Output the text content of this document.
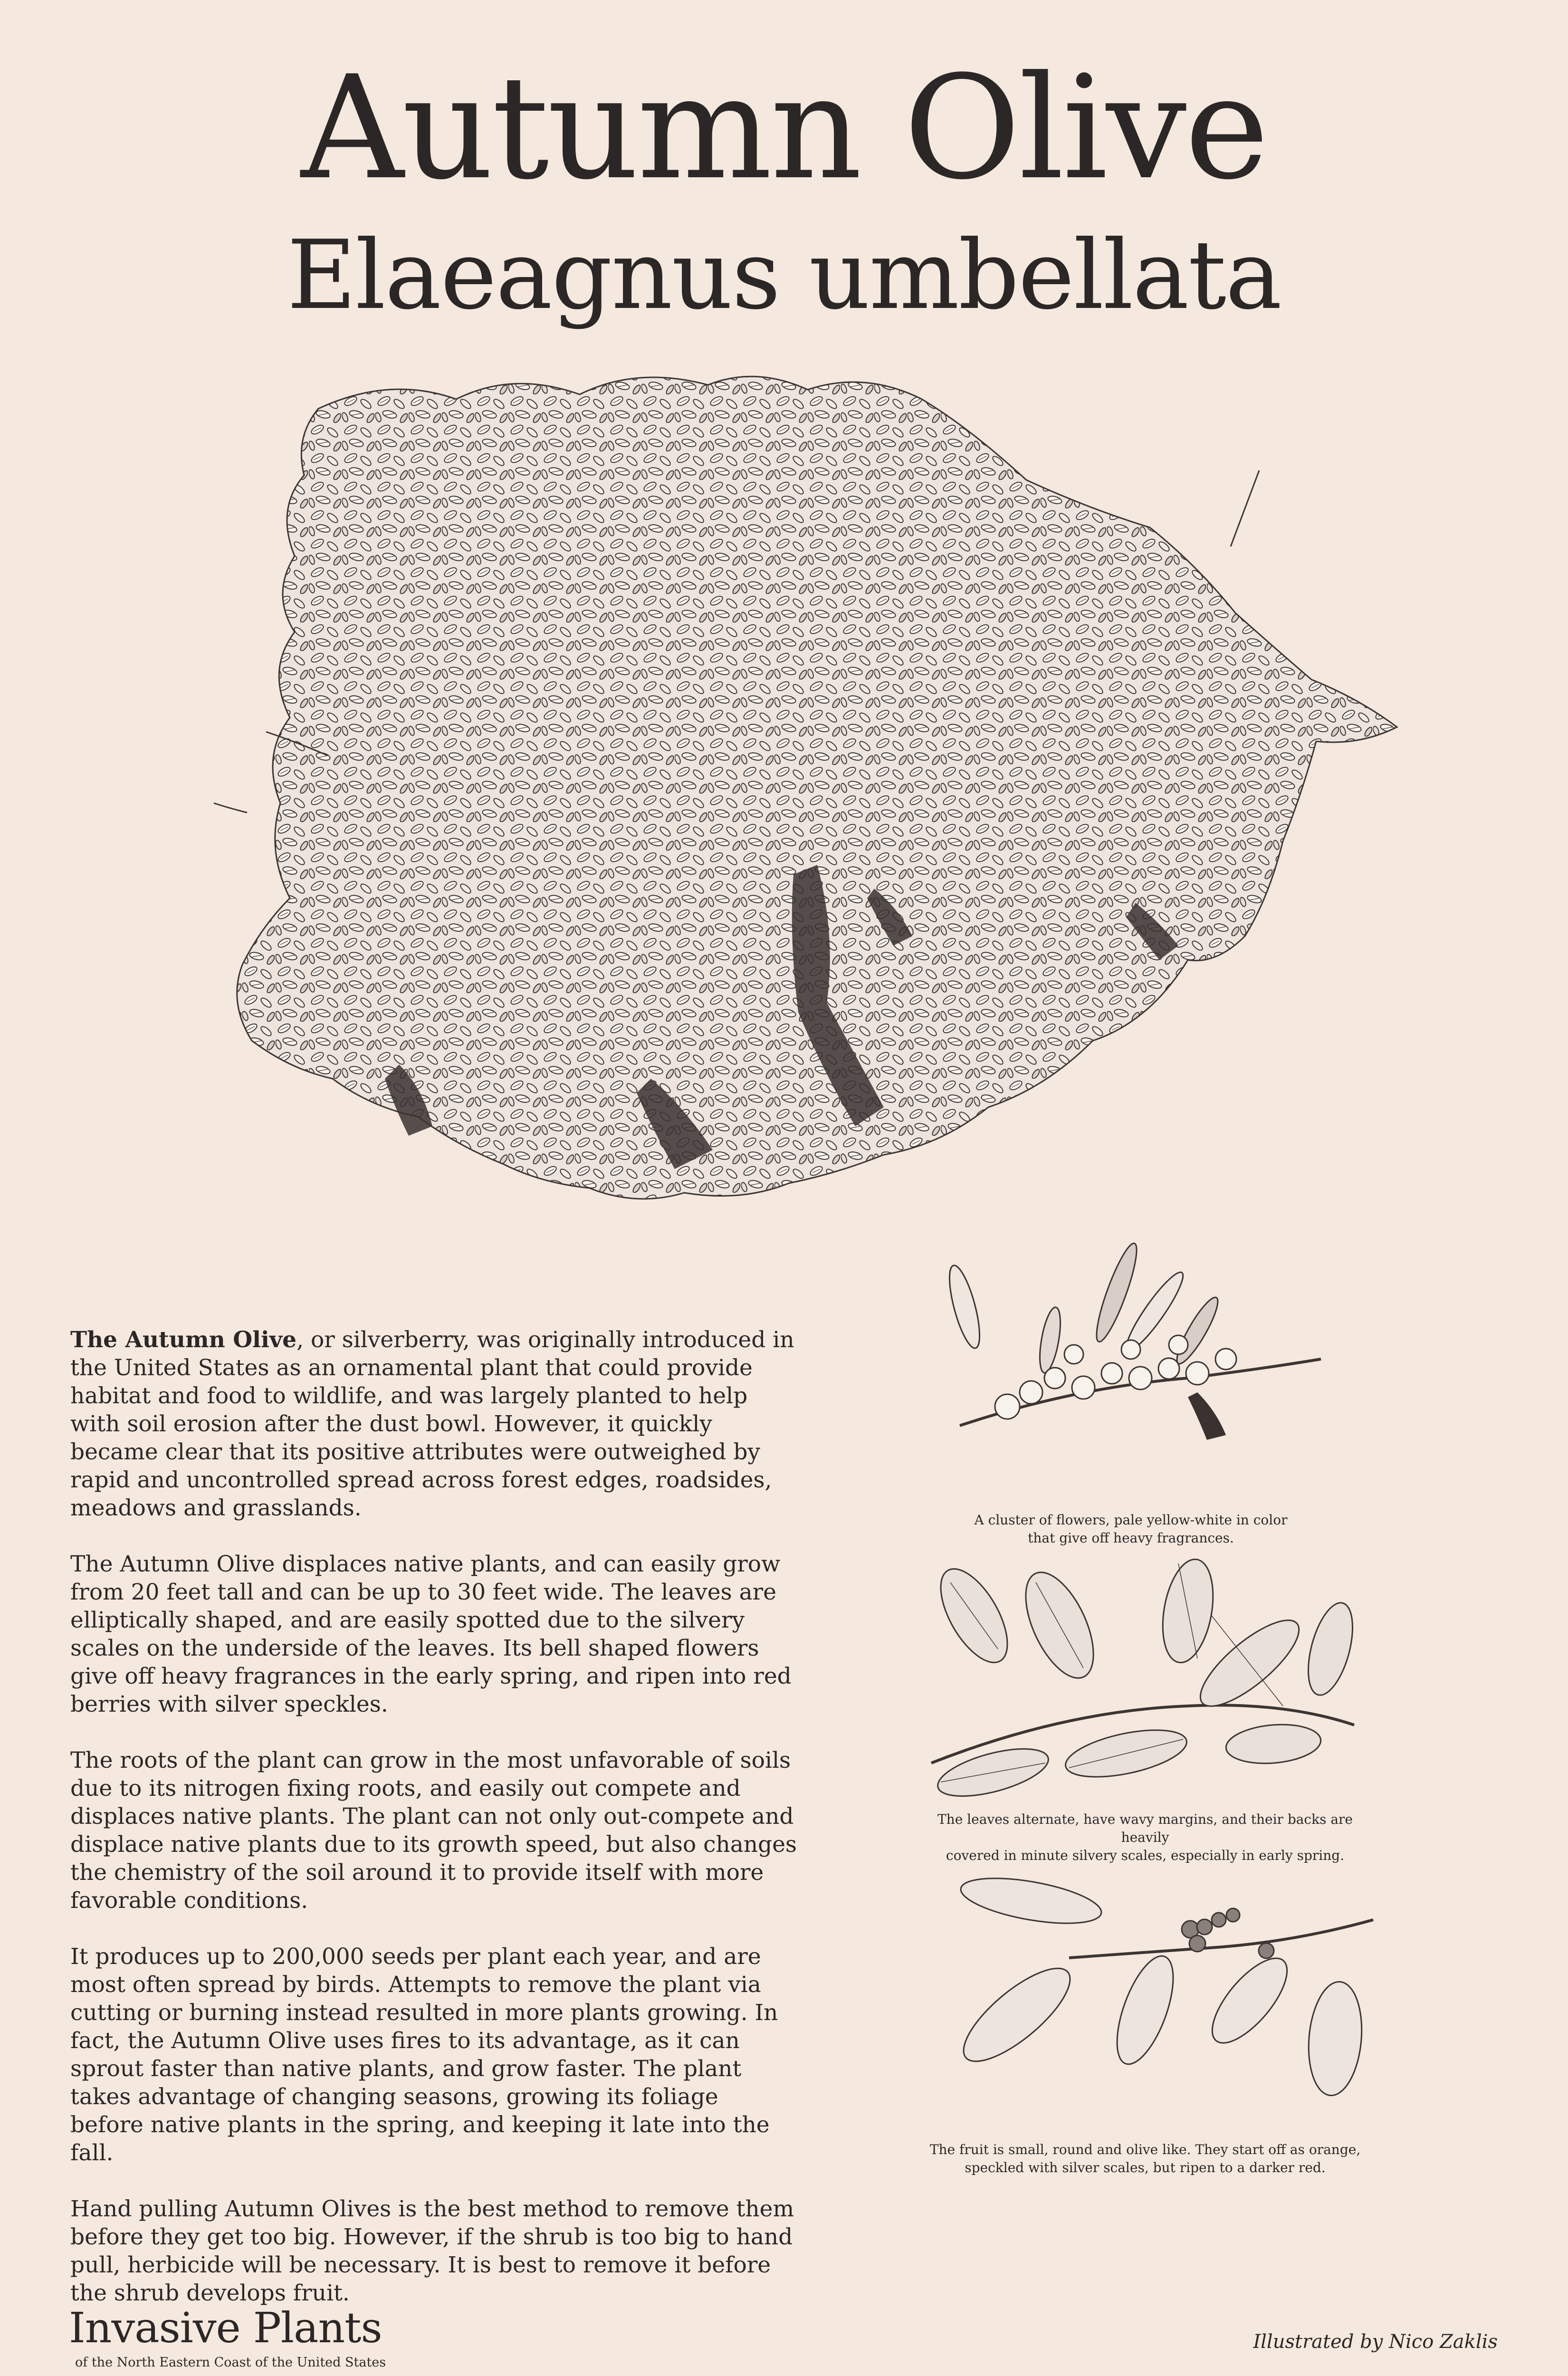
Autumn Olive
Elaeagnus umbellata

The Autumn Olive, or silverberry, was originally introduced in the United States as an ornamental plant that could provide habitat and food to wildlife, and was largely planted to help with soil erosion after the dust bowl. However, it quickly became clear that its positive attributes were outweighed by rapid and uncontrolled spread across forest edges, roadsides, meadows and grasslands.

The Autumn Olive displaces native plants, and can easily grow from 20 feet tall and can be up to 30 feet wide. The leaves are elliptically shaped, and are easily spotted due to the silvery scales on the underside of the leaves. Its bell shaped flowers give off heavy fragrances in the early spring, and ripen into red berries with silver speckles.

The roots of the plant can grow in the most unfavorable of soils due to its nitrogen fixing roots, and easily out compete and displaces native plants. The plant can not only out-compete and displace native plants due to its growth speed, but also changes the chemistry of the soil around it to provide itself with more favorable conditions.

It produces up to 200,000 seeds per plant each year, and are most often spread by birds. Attempts to remove the plant via cutting or burning instead resulted in more plants growing. In fact, the Autumn Olive uses fires to its advantage, as it can sprout faster than native plants, and grow faster. The plant takes advantage of changing seasons, growing its foliage before native plants in the spring, and keeping it late into the fall.

Hand pulling Autumn Olives is the best method to remove them before they get too big. However, if the shrub is too big to hand pull, herbicide will be necessary. It is best to remove it before the shrub develops fruit.

A cluster of flowers, pale yellow-white in color
that give off heavy fragrances.
The leaves alternate, have wavy margins, and their backs are heavily
covered in minute silvery scales, especially in early spring.
The fruit is small, round and olive like. They start off as orange,
speckled with silver scales, but ripen to a darker red.
Invasive Plants
of the North Eastern Coast of the United States
Illustrated by Nico Zaklis
